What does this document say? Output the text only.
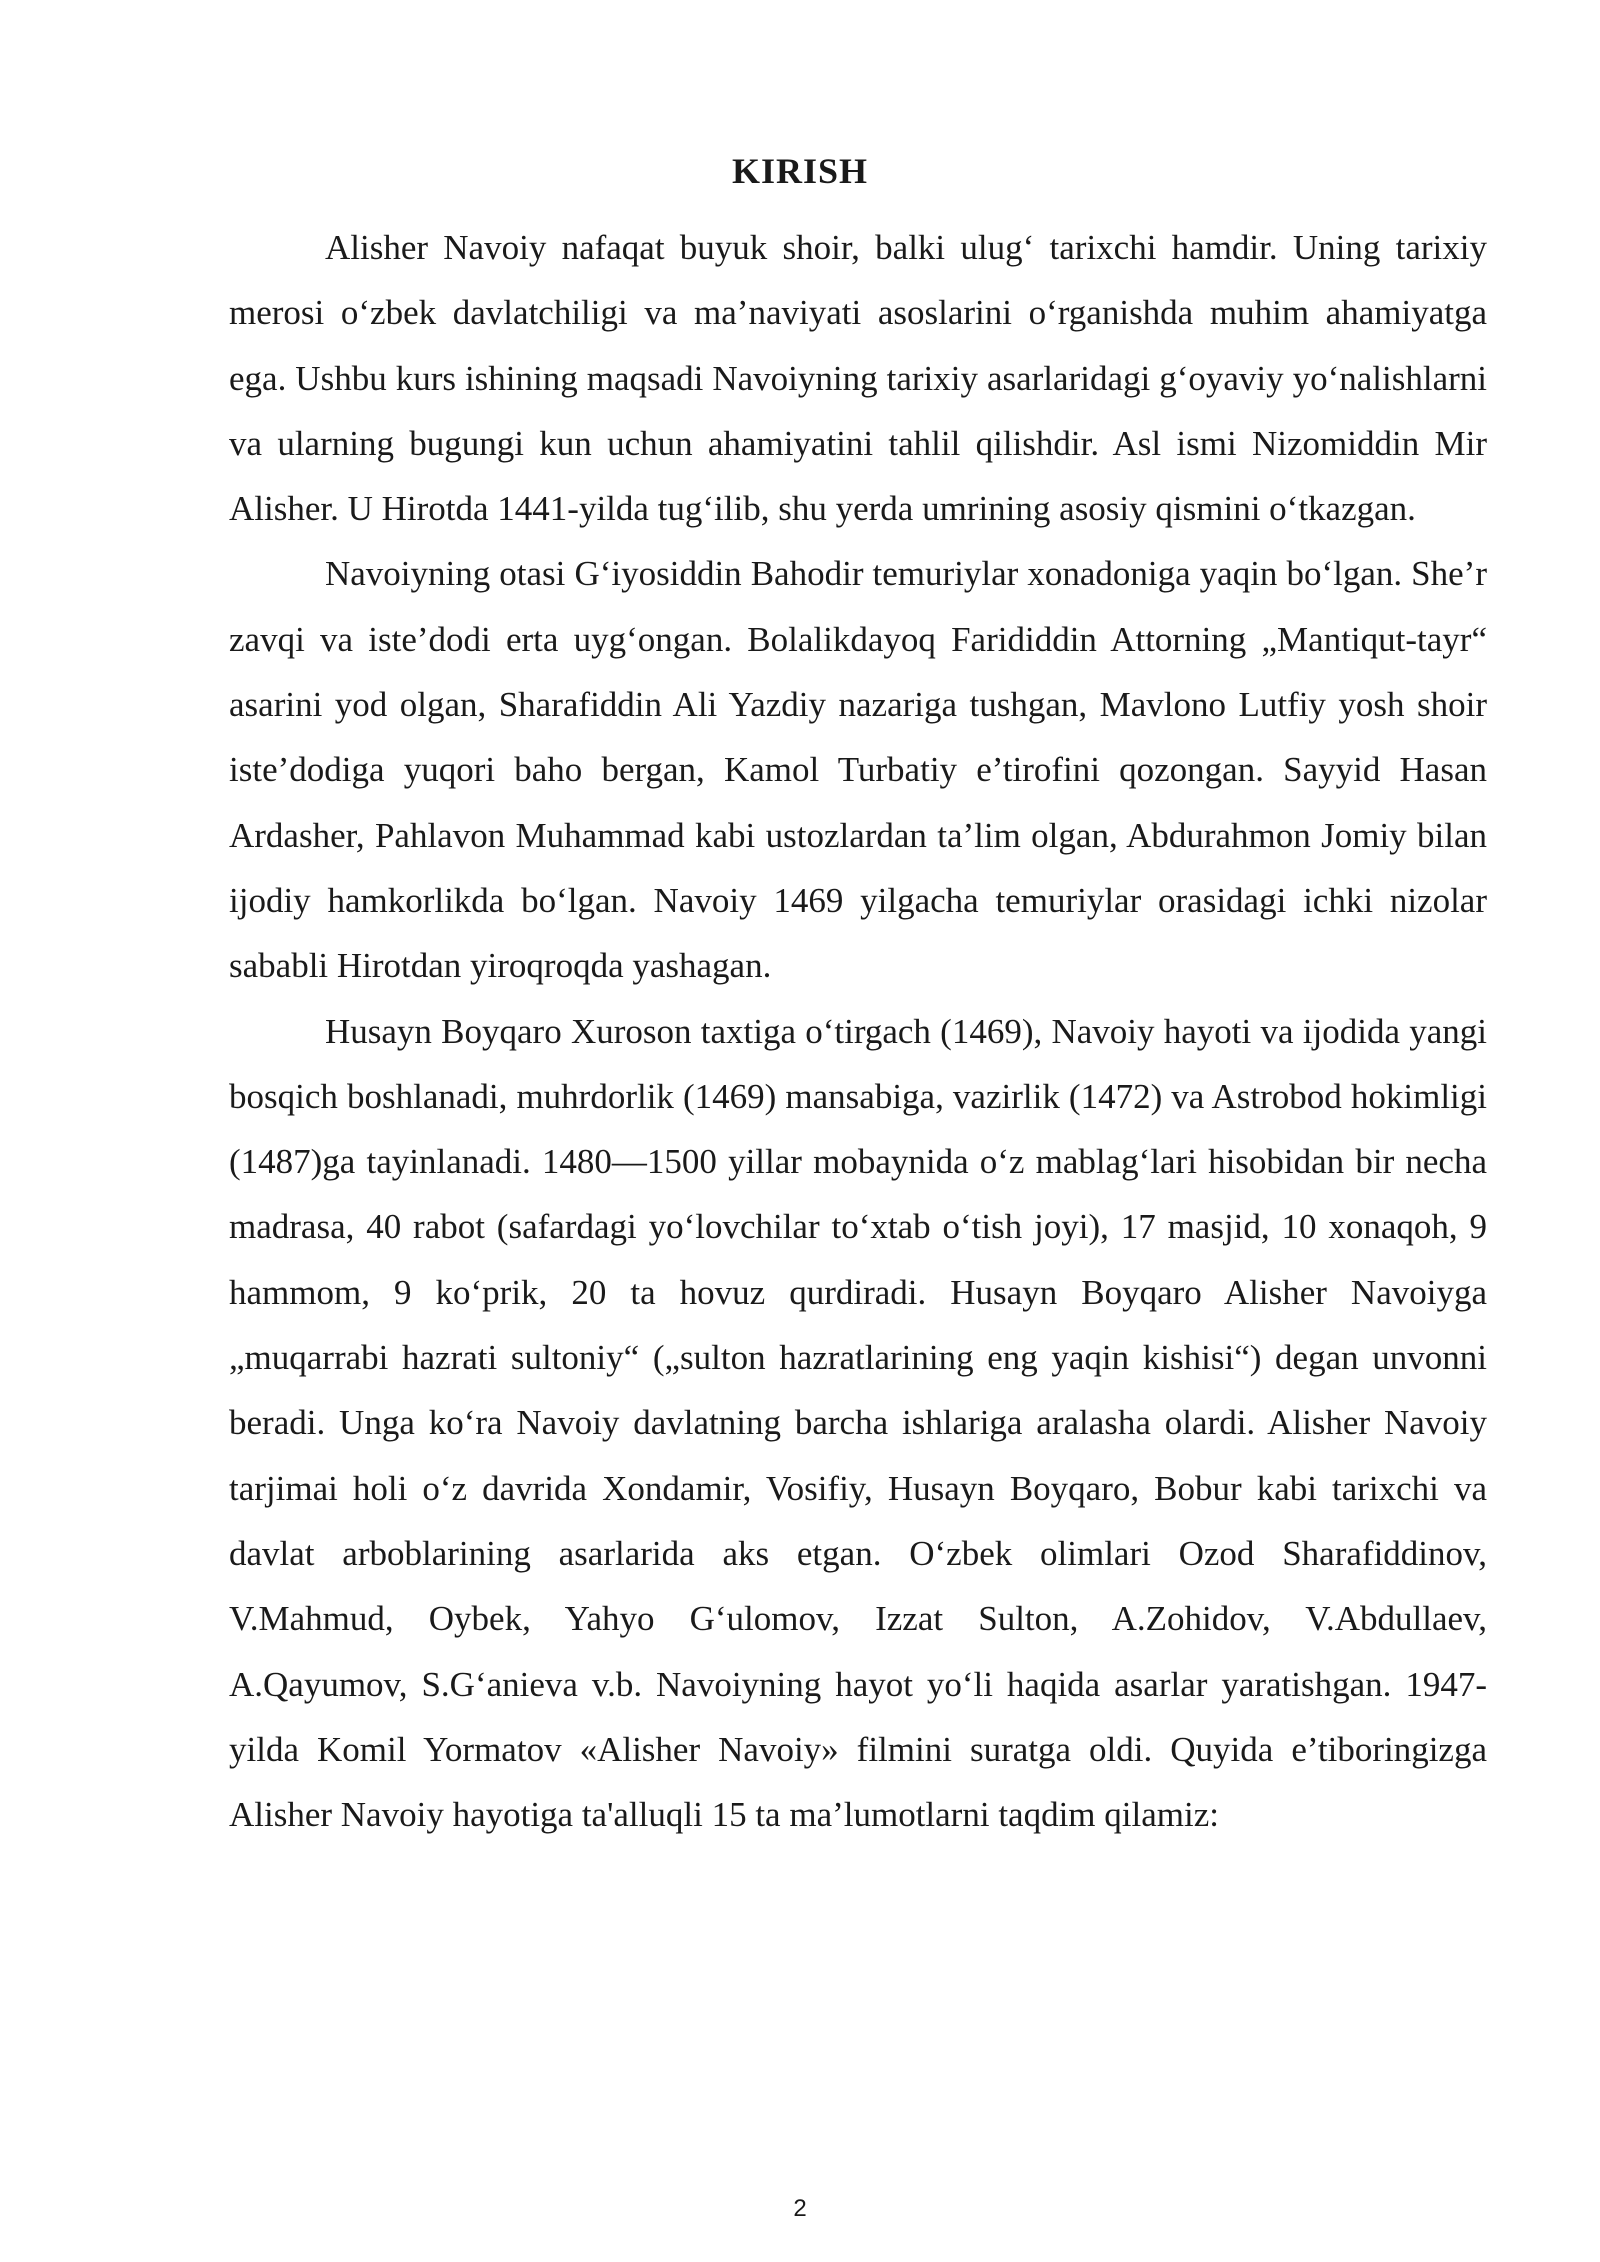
KIRISH

Alisher Navoiy nafaqat buyuk shoir, balki ulug‘ tarixchi hamdir. Uning tarixiy merosi o‘zbek davlatchiligi va ma’naviyati asoslarini o‘rganishda muhim ahamiyatga ega. Ushbu kurs ishining maqsadi Navoiyning tarixiy asarlaridagi g‘oyaviy yo‘nalishlarni va ularning bugungi kun uchun ahamiyatini tahlil qilishdir. Asl ismi Nizomiddin Mir Alisher. U Hirotda 1441-yilda tug‘ilib, shu yerda umrining asosiy qismini o‘tkazgan.

Navoiyning otasi G‘iyosiddin Bahodir temuriylar xonadoniga yaqin bo‘lgan. She’r zavqi va iste’dodi erta uyg‘ongan. Bolalikdayoq Farididdin Attorning „Mantiqut-tayr“ asarini yod olgan, Sharafiddin Ali Yazdiy nazariga tushgan, Mavlono Lutfiy yosh shoir iste’dodiga yuqori baho bergan, Kamol Turbatiy e’tirofini qozongan. Sayyid Hasan Ardasher, Pahlavon Muhammad kabi ustozlardan ta’lim olgan, Abdurahmon Jomiy bilan ijodiy hamkorlikda bo‘lgan. Navoiy 1469 yilgacha temuriylar orasidagi ichki nizolar sababli Hirotdan yiroqroqda yashagan.

Husayn Boyqaro Xuroson taxtiga o‘tirgach (1469), Navoiy hayoti va ijodida yangi bosqich boshlanadi, muhrdorlik (1469) mansabiga, vazirlik (1472) va Astrobod hokimligi (1487)ga tayinlanadi. 1480—1500 yillar mobaynida o‘z mablag‘lari hisobidan bir necha madrasa, 40 rabot (safardagi yo‘lovchilar to‘xtab o‘tish joyi), 17 masjid, 10 xonaqoh, 9 hammom, 9 ko‘prik, 20 ta hovuz qurdiradi. Husayn Boyqaro Alisher Navoiyga „muqarrabi hazrati sultoniy“ („sulton hazratlarining eng yaqin kishisi“) degan unvonni beradi. Unga ko‘ra Navoiy davlatning barcha ishlariga aralasha olardi. Alisher Navoiy tarjimai holi o‘z davrida Xondamir, Vosifiy, Husayn Boyqaro, Bobur kabi tarixchi va davlat arboblarining asarlarida aks etgan. O‘zbek olimlari Ozod Sharafiddinov, V.Mahmud, Oybek, Yahyo G‘ulomov, Izzat Sulton, A.Zohidov, V.Abdullaev, A.Qayumov, S.G‘anieva v.b. Navoiyning hayot yo‘li haqida asarlar yaratishgan. 1947-yilda Komil Yormatov «Alisher Navoiy» filmini suratga oldi. Quyida e’tiboringizga Alisher Navoiy hayotiga ta'alluqli 15 ta ma’lumotlarni taqdim qilamiz:

2
